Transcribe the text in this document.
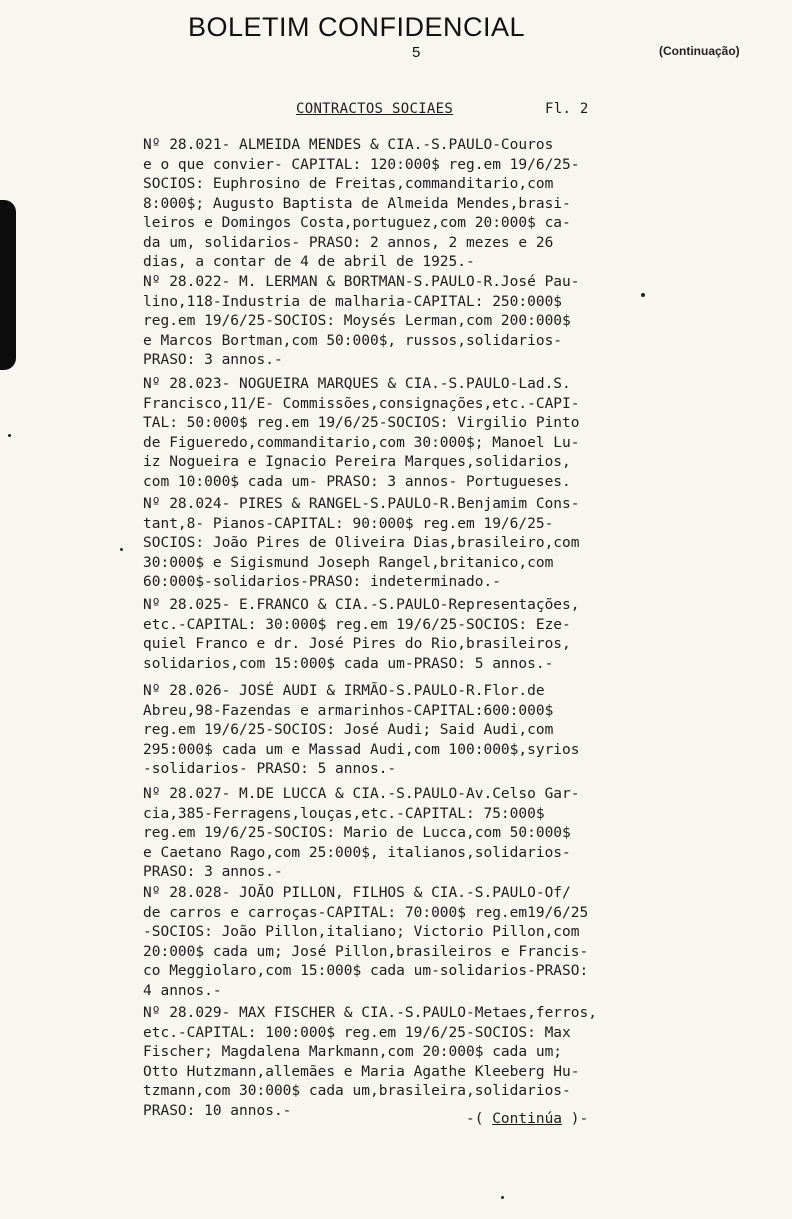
BOLETIM CONFIDENCIAL
5	(Continuação)
CONTRACTOS SOCIAES	Fl. 2
Nº 28.021- ALMEIDA MENDES & CIA.-S.PAULO-Couros
e o que convier- CAPITAL: 120:000$ reg.em 19/6/25-
SOCIOS: Euphrosino de Freitas,commanditario,com
8:000$; Augusto Baptista de Almeida Mendes,brasi-
leiros e Domingos Costa,portuguez,com 20:000$ ca-
da um, solidarios- PRASO: 2 annos, 2 mezes e 26
dias, a contar de 4 de abril de 1925.-
Nº 28.022- M. LERMAN & BORTMAN-S.PAULO-R.José Pau-
lino,118-Industria de malharia-CAPITAL: 250:000$
reg.em 19/6/25-SOCIOS: Moysés Lerman,com 200:000$
e Marcos Bortman,com 50:000$, russos,solidarios-
PRASO: 3 annos.-
Nº 28.023- NOGUEIRA MARQUES & CIA.-S.PAULO-Lad.S.
Francisco,11/E- Commissões,consignações,etc.-CAPI-
TAL: 50:000$ reg.em 19/6/25-SOCIOS: Virgilio Pinto
de Figueredo,commanditario,com 30:000$; Manoel Lu-
iz Nogueira e Ignacio Pereira Marques,solidarios,
com 10:000$ cada um- PRASO: 3 annos- Portugueses.
Nº 28.024- PIRES & RANGEL-S.PAULO-R.Benjamim Cons-
tant,8- Pianos-CAPITAL: 90:000$ reg.em 19/6/25-
SOCIOS: João Pires de Oliveira Dias,brasileiro,com
30:000$ e Sigismund Joseph Rangel,britanico,com
60:000$-solidarios-PRASO: indeterminado.-
Nº 28.025- E.FRANCO & CIA.-S.PAULO-Representações,
etc.-CAPITAL: 30:000$ reg.em 19/6/25-SOCIOS: Eze-
quiel Franco e dr. José Pires do Rio,brasileiros,
solidarios,com 15:000$ cada um-PRASO: 5 annos.-
Nº 28.026- JOSÉ AUDI & IRMÃO-S.PAULO-R.Flor.de
Abreu,98-Fazendas e armarinhos-CAPITAL:600:000$
reg.em 19/6/25-SOCIOS: José Audi; Said Audi,com
295:000$ cada um e Massad Audi,com 100:000$,syrios
-solidarios- PRASO: 5 annos.-
Nº 28.027- M.DE LUCCA & CIA.-S.PAULO-Av.Celso Gar-
cia,385-Ferragens,louças,etc.-CAPITAL: 75:000$
reg.em 19/6/25-SOCIOS: Mario de Lucca,com 50:000$
e Caetano Rago,com 25:000$, italianos,solidarios-
PRASO: 3 annos.-
Nº 28.028- JOÃO PILLON, FILHOS & CIA.-S.PAULO-Of/
de carros e carroças-CAPITAL: 70:000$ reg.em19/6/25
-SOCIOS: João Pillon,italiano; Victorio Pillon,com
20:000$ cada um; José Pillon,brasileiros e Francis-
co Meggiolaro,com 15:000$ cada um-solidarios-PRASO:
4 annos.-
Nº 28.029- MAX FISCHER & CIA.-S.PAULO-Metaes,ferros,
etc.-CAPITAL: 100:000$ reg.em 19/6/25-SOCIOS: Max
Fischer; Magdalena Markmann,com 20:000$ cada um;
Otto Hutzmann,allemães e Maria Agathe Kleeberg Hu-
tzmann,com 30:000$ cada um,brasileira,solidarios-
PRASO: 10 annos.-
-( Continúa )-
